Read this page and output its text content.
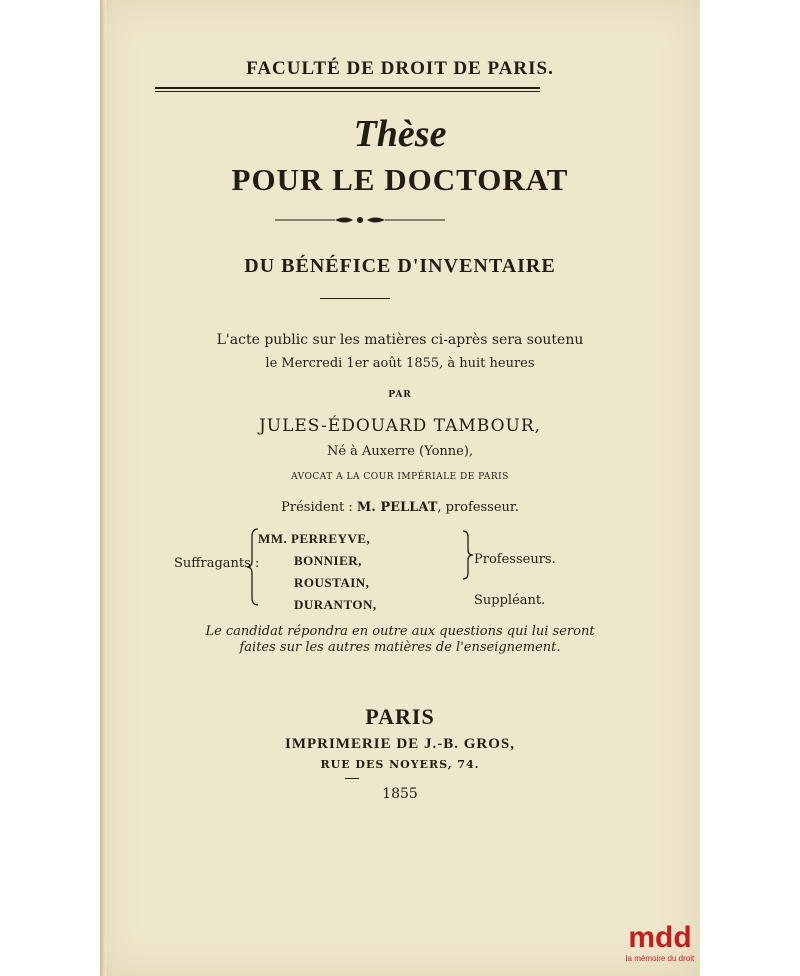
FACULTÉ DE DROIT DE PARIS.
Thèse
POUR LE DOCTORAT
DU BÉNÉFICE D'INVENTAIRE
L'acte public sur les matières ci-après sera soutenu
le Mercredi 1er août 1855, à huit heures
PAR
JULES-ÉDOUARD TAMBOUR,
Né à Auxerre (Yonne),
AVOCAT A LA COUR IMPÉRIALE DE PARIS
Président : M. PELLAT, professeur.
Suffragants :
MM. PERREYVE,
BONNIER,
ROUSTAIN,
DURANTON,
Professeurs.
Suppléant.
Le candidat répondra en outre aux questions qui lui seront
faites sur les autres matières de l'enseignement.
PARIS
IMPRIMERIE DE J.-B. GROS,
RUE DES NOYERS, 74.
1855
mdd
la mémoire du droit
